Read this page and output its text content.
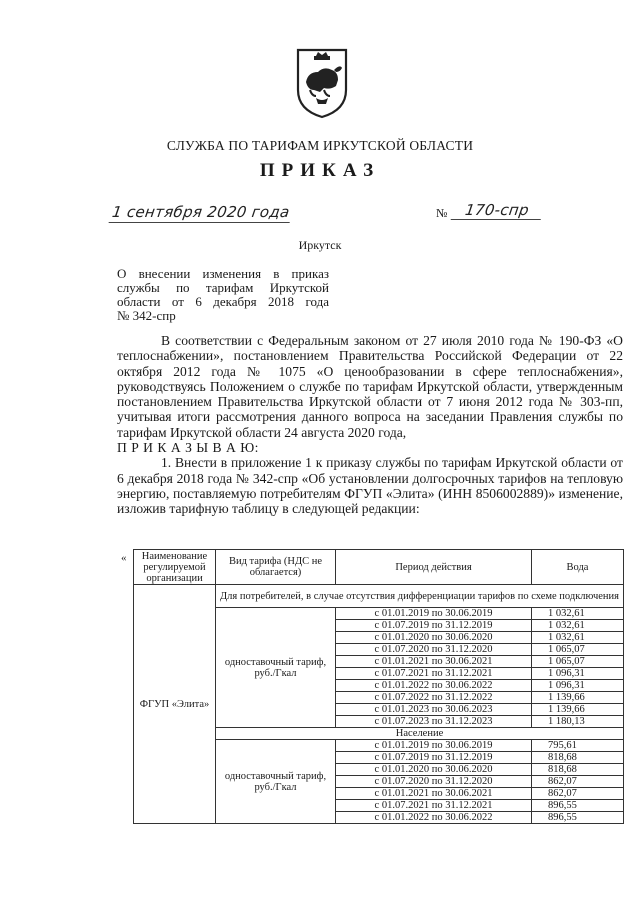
СЛУЖБА ПО ТАРИФАМ ИРКУТСКОЙ ОБЛАСТИ
ПРИКАЗ
1 сентября 2020 года	№	170-спр
Иркутск
О внесении изменения в приказ
службы по тарифам Иркутской
области от 6 декабря 2018 года
№ 342-спр

В соответствии с Федеральным законом от 27 июля 2010 года № 190-ФЗ «О теплоснабжении», постановлением Правительства Российской Федерации от 22 октября 2012 года № 1075 «О ценообразовании в сфере теплоснабжения», руководствуясь Положением о службе по тарифам Иркутской области, утвержденным постановлением Правительства Иркутской области от 7 июня 2012 года № 303-пп, учитывая итоги рассмотрения данного вопроса на заседании Правления службы по тарифам Иркутской области 24 августа 2020 года,

П Р И К А З Ы В А Ю:

1. Внести в приложение 1 к приказу службы по тарифам Иркутской области от 6 декабря 2018 года № 342-спр «Об установлении долгосрочных тарифов на тепловую энергию, поставляемую потребителям ФГУП «Элита» (ИНН 8506002889)» изменение, изложив тарифную таблицу в следующей редакции:

« Наименование регулируемой организации	Вид тарифа (НДС не облагается)	Период действия	Вода
ФГУП «Элита»	Для потребителей, в случае отсутствия дифференциации тарифов по схеме подключения		
	одноставочный тариф, руб./Гкал	с 01.01.2019 по 30.06.2019	1 032,61
		с 01.07.2019 по 31.12.2019	1 032,61
		с 01.01.2020 по 30.06.2020	1 032,61
		с 01.07.2020 по 31.12.2020	1 065,07
		с 01.01.2021 по 30.06.2021	1 065,07
		с 01.07.2021 по 31.12.2021	1 096,31
		с 01.01.2022 по 30.06.2022	1 096,31
		с 01.07.2022 по 31.12.2022	1 139,66
		с 01.01.2023 по 30.06.2023	1 139,66
		с 01.07.2023 по 31.12.2023	1 180,13
	Население		
	одноставочный тариф, руб./Гкал	с 01.01.2019 по 30.06.2019	795,61
		с 01.07.2019 по 31.12.2019	818,68
		с 01.01.2020 по 30.06.2020	818,68
		с 01.07.2020 по 31.12.2020	862,07
		с 01.01.2021 по 30.06.2021	862,07
		с 01.07.2021 по 31.12.2021	896,55
		с 01.01.2022 по 30.06.2022	896,55
